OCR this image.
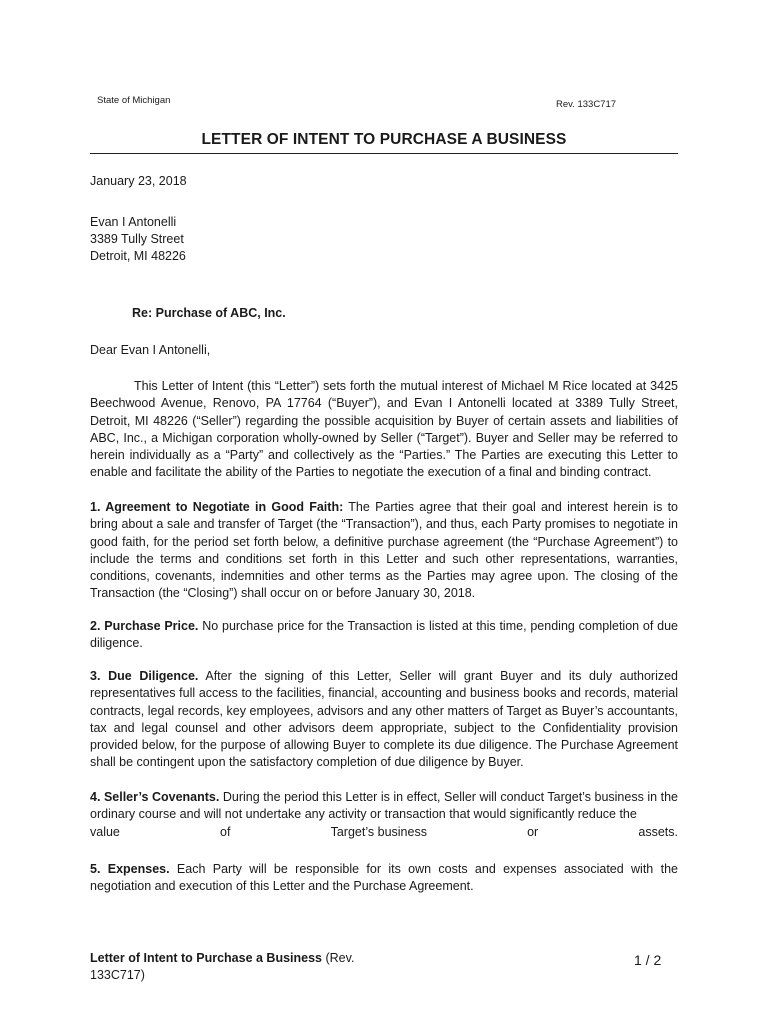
State of Michigan	Rev. 133C717
LETTER OF INTENT TO PURCHASE A BUSINESS
January 23, 2018
Evan I Antonelli
3389 Tully Street
Detroit, MI 48226
Re: Purchase of ABC, Inc.
Dear Evan I Antonelli,
This Letter of Intent (this “Letter”) sets forth the mutual interest of Michael M Rice located at 3425 Beechwood Avenue, Renovo, PA 17764 (“Buyer”), and Evan I Antonelli located at 3389 Tully Street, Detroit, MI 48226 (“Seller”) regarding the possible acquisition by Buyer of certain assets and liabilities of ABC, Inc., a Michigan corporation wholly-owned by Seller (“Target”). Buyer and Seller may be referred to herein individually as a “Party” and collectively as the “Parties.” The Parties are executing this Letter to enable and facilitate the ability of the Parties to negotiate the execution of a final and binding contract.
1. Agreement to Negotiate in Good Faith: The Parties agree that their goal and interest herein is to bring about a sale and transfer of Target (the “Transaction”), and thus, each Party promises to negotiate in good faith, for the period set forth below, a definitive purchase agreement (the “Purchase Agreement”) to include the terms and conditions set forth in this Letter and such other representations, warranties, conditions, covenants, indemnities and other terms as the Parties may agree upon. The closing of the Transaction (the “Closing”) shall occur on or before January 30, 2018.
2. Purchase Price. No purchase price for the Transaction is listed at this time, pending completion of due diligence.
3. Due Diligence. After the signing of this Letter, Seller will grant Buyer and its duly authorized representatives full access to the facilities, financial, accounting and business books and records, material contracts, legal records, key employees, advisors and any other matters of Target as Buyer’s accountants, tax and legal counsel and other advisors deem appropriate, subject to the Confidentiality provision provided below, for the purpose of allowing Buyer to complete its due diligence. The Purchase Agreement shall be contingent upon the satisfactory completion of due diligence by Buyer.
4. Seller’s Covenants. During the period this Letter is in effect, Seller will conduct Target’s business in the ordinary course and will not undertake any activity or transaction that would significantly reduce the
value	of	Target’s business	or	assets.
5. Expenses. Each Party will be responsible for its own costs and expenses associated with the negotiation and execution of this Letter and the Purchase Agreement.
Letter of Intent to Purchase a Business (Rev. 133C717)
1 / 2
